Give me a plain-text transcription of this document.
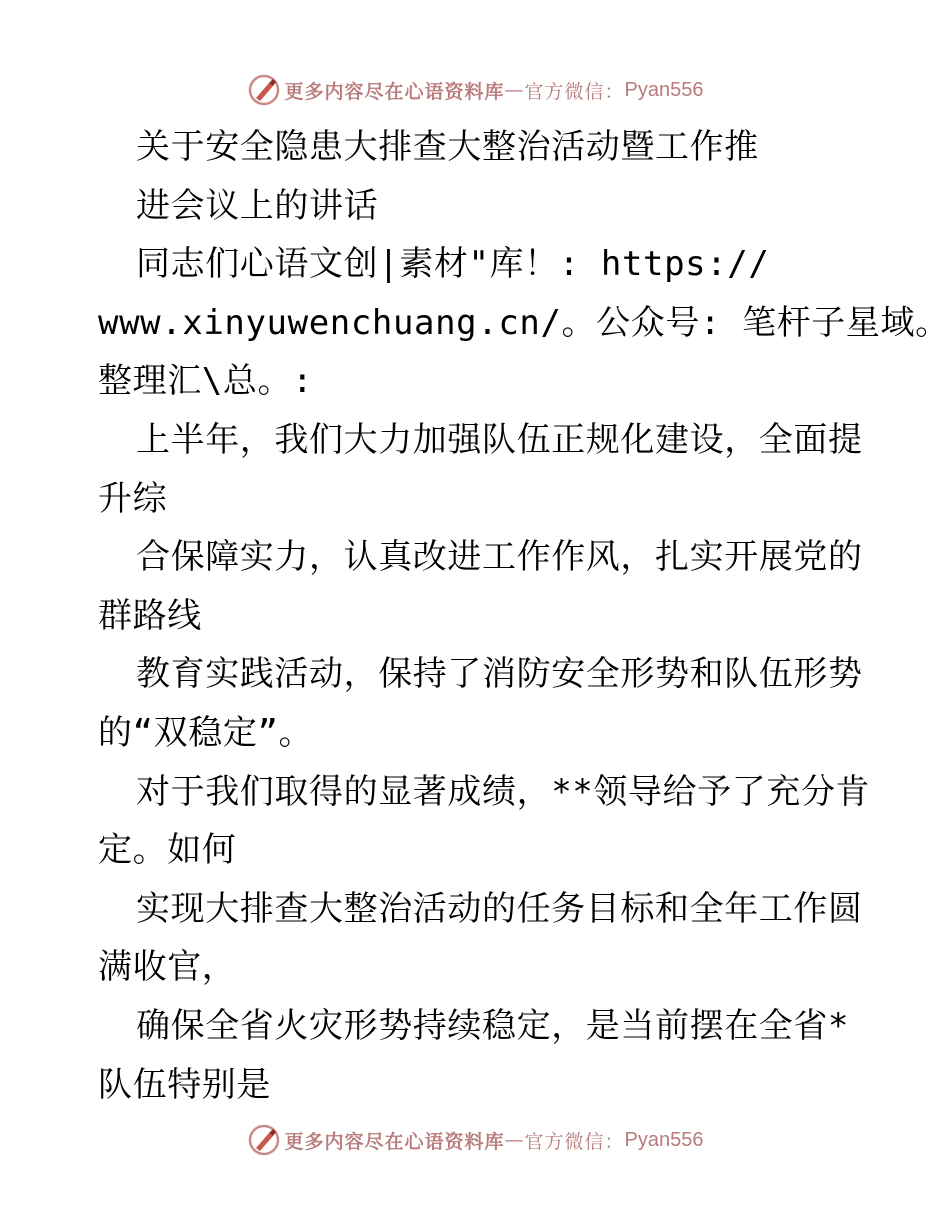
更多内容尽在心语资料库 — 官方微信： Pyan556
关于安全隐患大排查大整治活动暨工作推
进会议上的讲话
同志们心语文创|素材"库！: https://
www.xinyuwenchuang.cn/。公众号: 笔杆子星域。
整理汇\总。:
上半年，我们大力加强队伍正规化建设，全面提
升综
合保障实力，认真改进工作作风，扎实开展党的
群路线
教育实践活动，保持了消防安全形势和队伍形势
的“双稳定”。
对于我们取得的显著成绩，**领导给予了充分肯
定。如何
实现大排查大整治活动的任务目标和全年工作圆
满收官，
确保全省火灾形势持续稳定，是当前摆在全省*
队伍特别是
更多内容尽在心语资料库 — 官方微信： Pyan556
